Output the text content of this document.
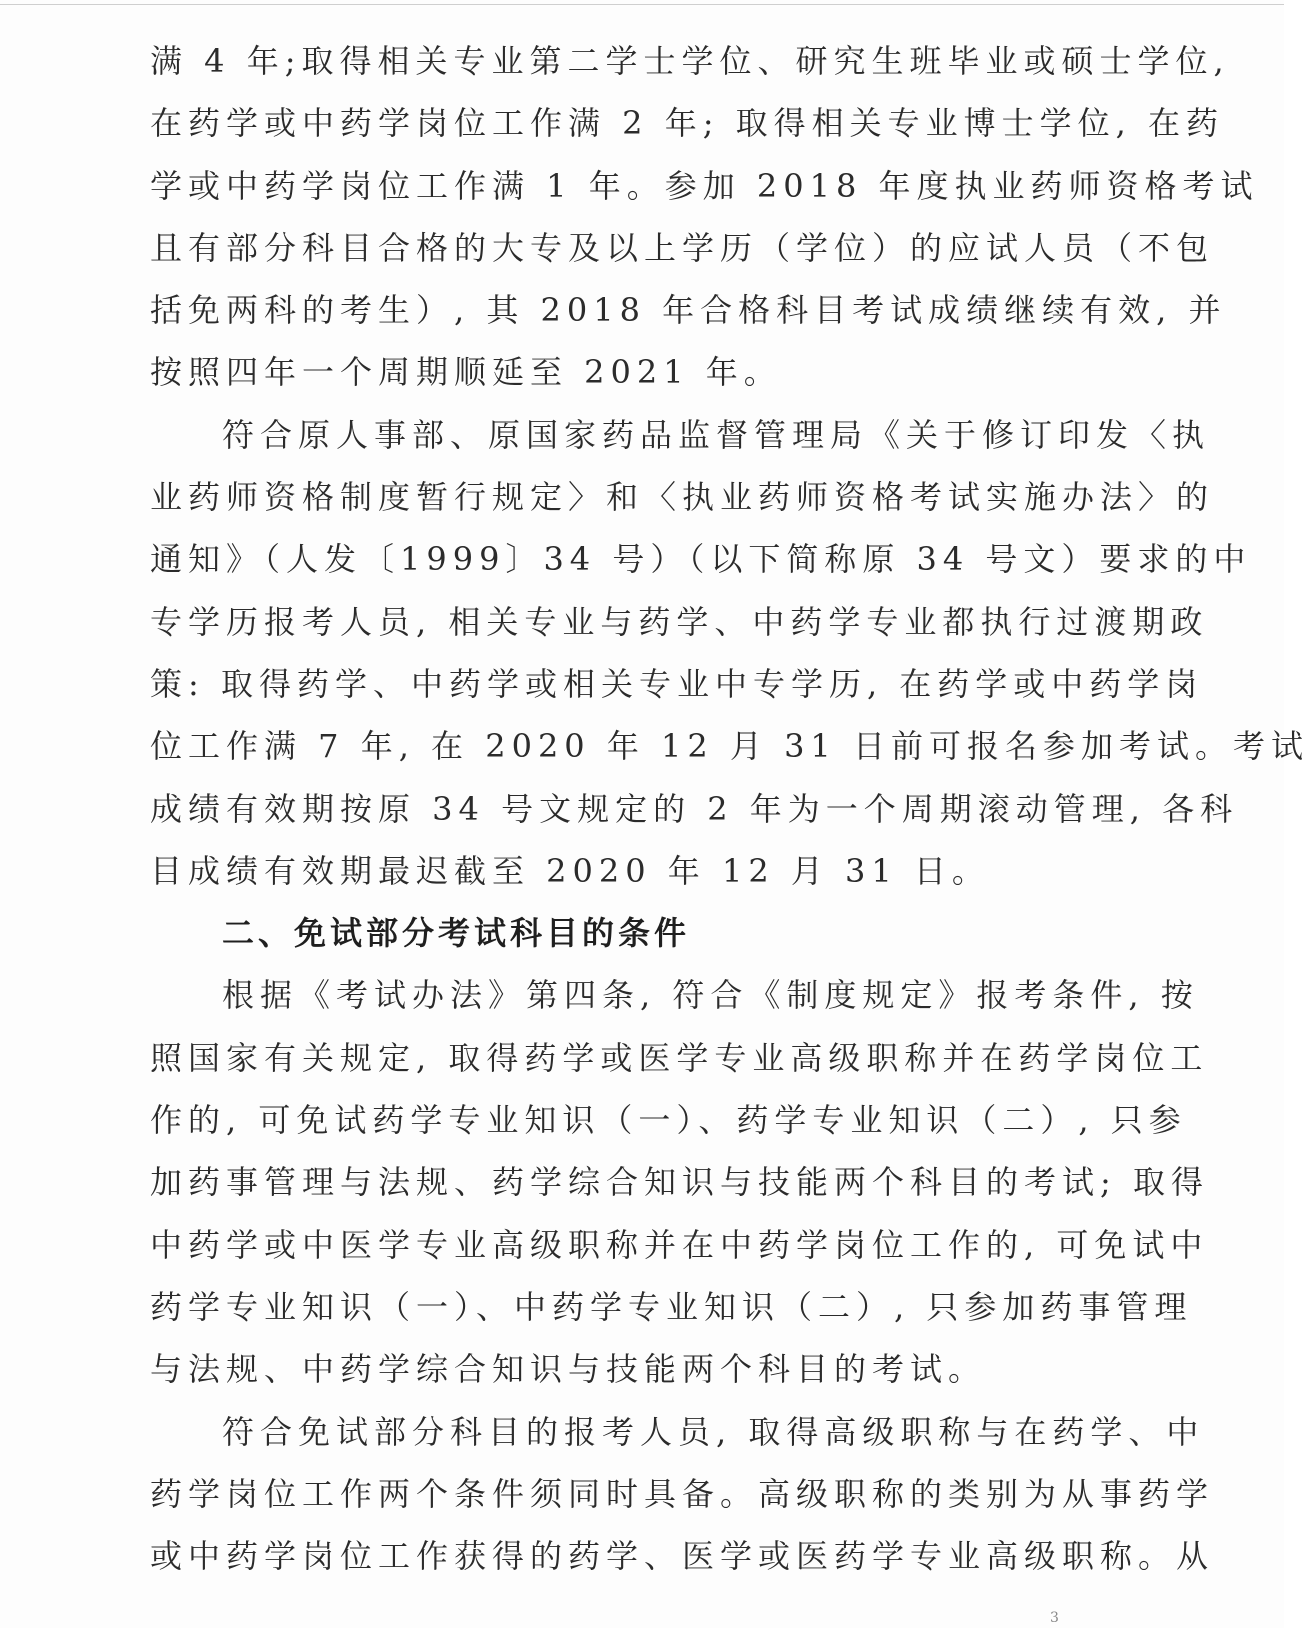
满 4 年;取得相关专业第二学士学位、研究生班毕业或硕士学位,
在药学或中药学岗位工作满 2 年; 取得相关专业博士学位, 在药
学或中药学岗位工作满 1 年。参加 2018 年度执业药师资格考试
且有部分科目合格的大专及以上学历（学位）的应试人员（不包
括免两科的考生）, 其 2018 年合格科目考试成绩继续有效, 并
按照四年一个周期顺延至 2021 年。
符合原人事部、原国家药品监督管理局《关于修订印发〈执
业药师资格制度暂行规定〉和〈执业药师资格考试实施办法〉的
通知》（人发〔1999〕34 号）（以下简称原 34 号文）要求的中
专学历报考人员, 相关专业与药学、中药学专业都执行过渡期政
策: 取得药学、中药学或相关专业中专学历, 在药学或中药学岗
位工作满 7 年, 在 2020 年 12 月 31 日前可报名参加考试。考试
成绩有效期按原 34 号文规定的 2 年为一个周期滚动管理, 各科
目成绩有效期最迟截至 2020 年 12 月 31 日。
二、免试部分考试科目的条件
根据《考试办法》第四条, 符合《制度规定》报考条件, 按
照国家有关规定, 取得药学或医学专业高级职称并在药学岗位工
作的, 可免试药学专业知识（一）、药学专业知识（二）, 只参
加药事管理与法规、药学综合知识与技能两个科目的考试; 取得
中药学或中医学专业高级职称并在中药学岗位工作的, 可免试中
药学专业知识（一）、中药学专业知识（二）, 只参加药事管理
与法规、中药学综合知识与技能两个科目的考试。
符合免试部分科目的报考人员, 取得高级职称与在药学、中
药学岗位工作两个条件须同时具备。高级职称的类别为从事药学
或中药学岗位工作获得的药学、医学或医药学专业高级职称。从
3
